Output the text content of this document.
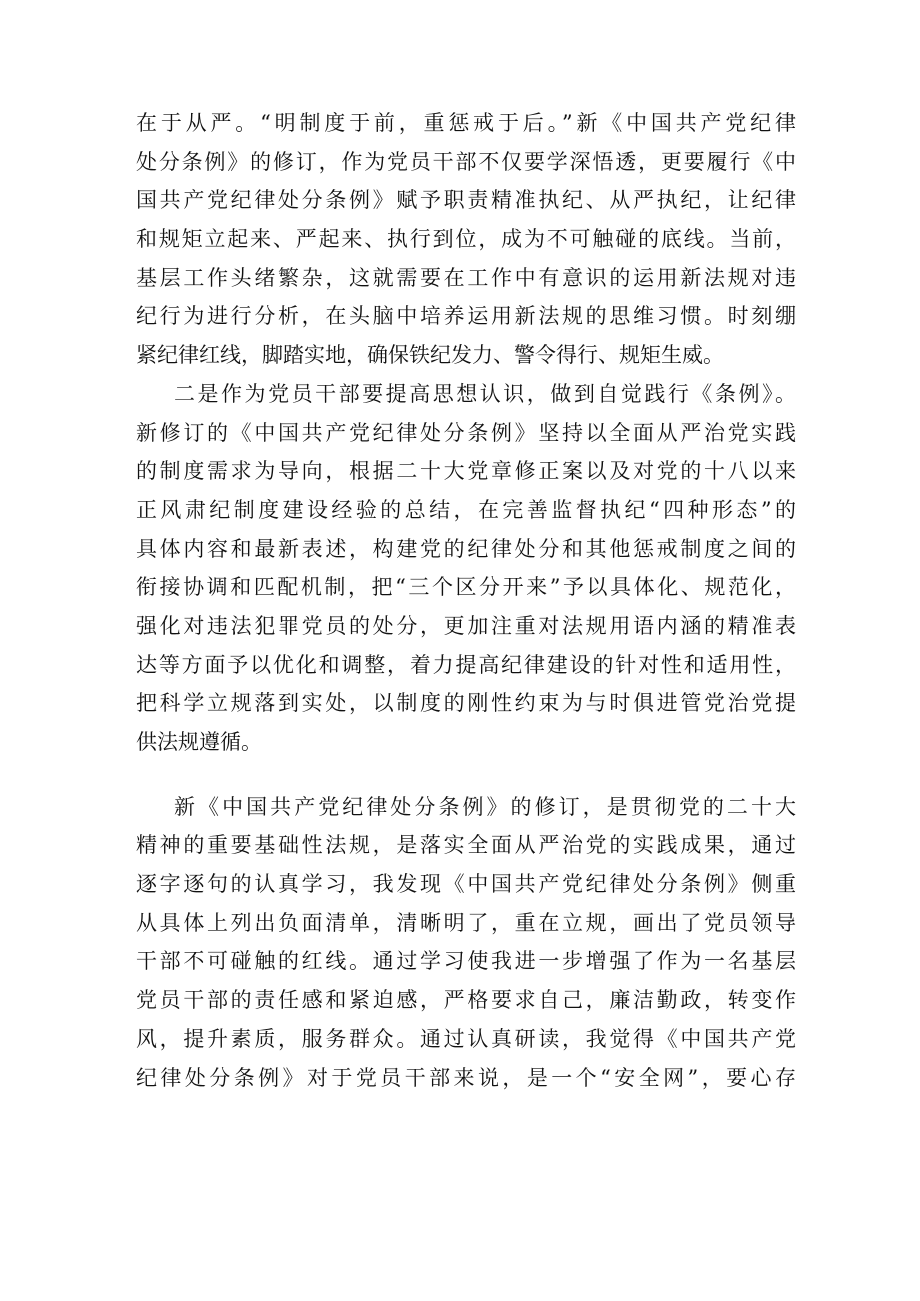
在于从严。“明制度于前，重惩戒于后。”新《中国共产党纪律
处分条例》的修订，作为党员干部不仅要学深悟透，更要履行《中
国共产党纪律处分条例》赋予职责精准执纪、从严执纪，让纪律
和规矩立起来、严起来、执行到位，成为不可触碰的底线。当前，
基层工作头绪繁杂，这就需要在工作中有意识的运用新法规对违
纪行为进行分析，在头脑中培养运用新法规的思维习惯。时刻绷
紧纪律红线，脚踏实地，确保铁纪发力、警令得行、规矩生威。
二是作为党员干部要提高思想认识，做到自觉践行《条例》。
新修订的《中国共产党纪律处分条例》坚持以全面从严治党实践
的制度需求为导向，根据二十大党章修正案以及对党的十八以来
正风肃纪制度建设经验的总结，在完善监督执纪“四种形态”的
具体内容和最新表述，构建党的纪律处分和其他惩戒制度之间的
衔接协调和匹配机制，把“三个区分开来”予以具体化、规范化，
强化对违法犯罪党员的处分，更加注重对法规用语内涵的精准表
达等方面予以优化和调整，着力提高纪律建设的针对性和适用性，
把科学立规落到实处，以制度的刚性约束为与时俱进管党治党提
供法规遵循。
新《中国共产党纪律处分条例》的修订，是贯彻党的二十大
精神的重要基础性法规，是落实全面从严治党的实践成果，通过
逐字逐句的认真学习，我发现《中国共产党纪律处分条例》侧重
从具体上列出负面清单，清晰明了，重在立规，画出了党员领导
干部不可碰触的红线。通过学习使我进一步增强了作为一名基层
党员干部的责任感和紧迫感，严格要求自己，廉洁勤政，转变作
风，提升素质，服务群众。通过认真研读，我觉得《中国共产党
纪律处分条例》对于党员干部来说，是一个“安全网”，要心存
